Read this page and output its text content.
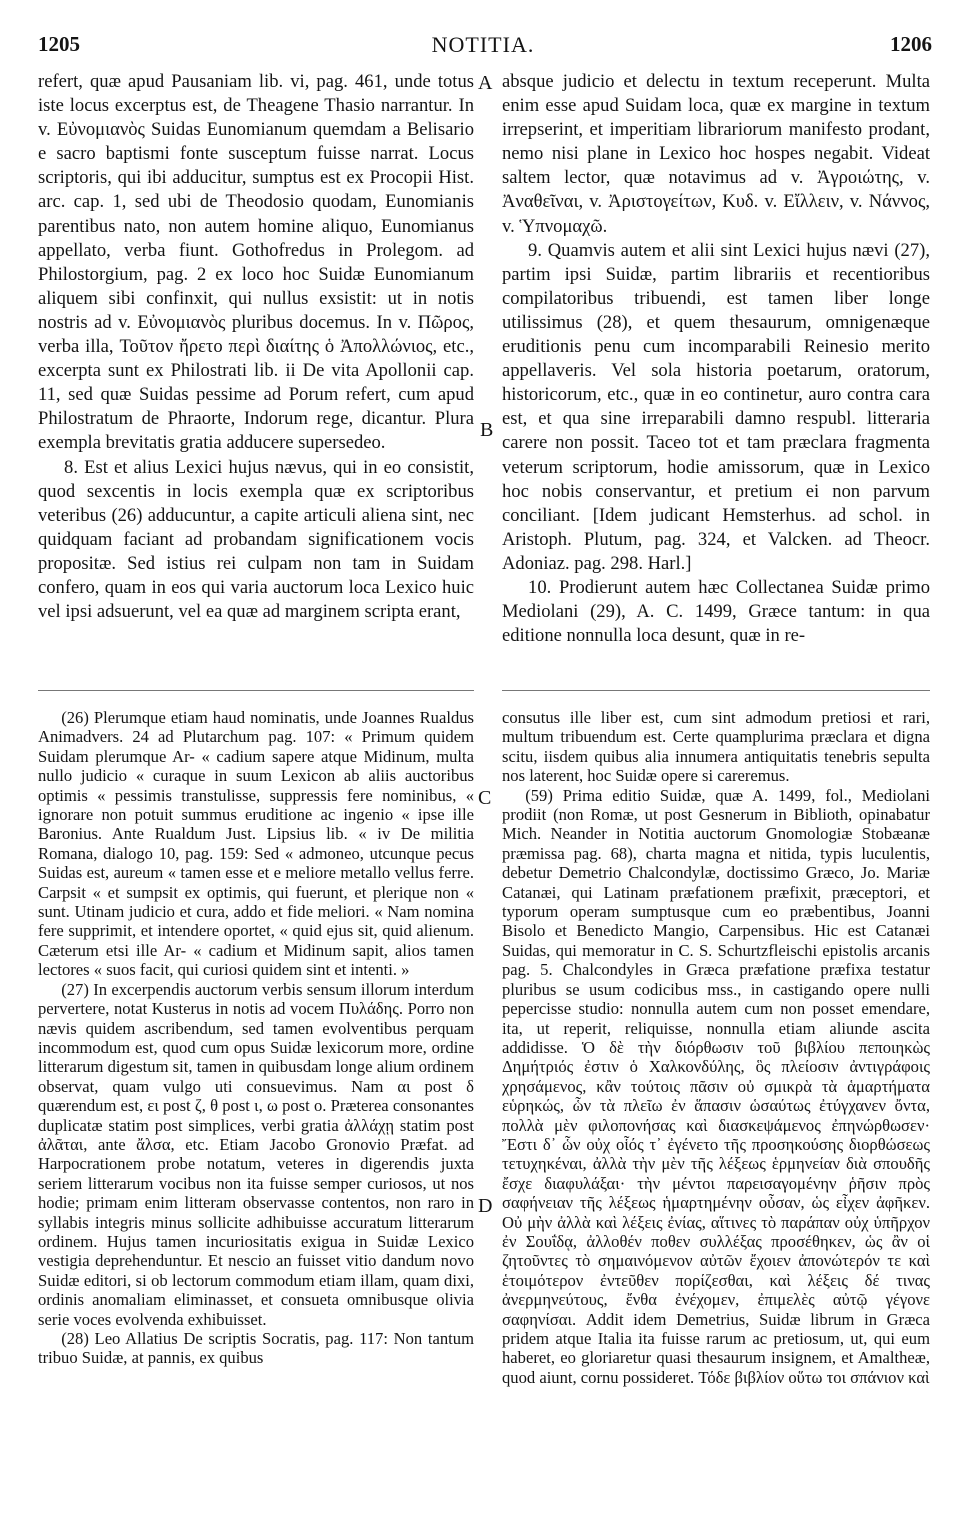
1205	NOTITIA.	1206
A
B
C
D

refert, quæ apud Pausaniam lib. vi, pag. 461, unde totus iste locus excerptus est, de Theagene Thasio narrantur. In v. Εὐνομιανὸς Suidas Eunomianum quemdam a Belisario e sacro baptismi fonte susceptum fuisse narrat. Locus scriptoris, qui ibi adducitur, sumptus est ex Procopii Hist. arc. cap. 1, sed ubi de Theodosio quodam, Eunomianis parentibus nato, non autem homine aliquo, Eunomianus appellato, verba fiunt. Gothofredus in Prolegom. ad Philostorgium, pag. 2 ex loco hoc Suidæ Eunomianum aliquem sibi confinxit, qui nullus exsistit: ut in notis nostris ad v. Εὐνομιανὸς pluribus docemus. In v. Πῶρος, verba illa, Τοῦτον ἤρετο περὶ διαίτης ὁ Ἀπολλώνιος, etc., excerpta sunt ex Philostrati lib. ii De vita Apollonii cap. 11, sed quæ Suidas pessime ad Porum refert, cum apud Philostratum de Phraorte, Indorum rege, dicantur. Plura exempla brevitatis gratia adducere supersedeo.

8. Est et alius Lexici hujus nævus, qui in eo consistit, quod sexcentis in locis exempla quæ ex scriptoribus veteribus (26) adducuntur, a capite articuli aliena sint, nec quidquam faciant ad probandam significationem vocis propositæ. Sed istius rei culpam non tam in Suidam confero, quam in eos qui varia auctorum loca Lexico huic vel ipsi adsuerunt, vel ea quæ ad marginem scripta erant,

absque judicio et delectu in textum receperunt. Multa enim esse apud Suidam loca, quæ ex margine in textum irrepserint, et imperitiam librariorum manifesto prodant, nemo nisi plane in Lexico hoc hospes negabit. Videat saltem lector, quæ notavimus ad v. Ἀγροιώτης, v. Ἀναθεῖναι, v. Ἀριστογείτων, Κυδ. v. Εἴλλειν, v. Νάννος, v. Ὑπνομαχῶ.

9. Quamvis autem et alii sint Lexici hujus nævi (27), partim ipsi Suidæ, partim librariis et recentioribus compilatoribus tribuendi, est tamen liber longe utilissimus (28), et quem thesaurum, omnigenæque eruditionis penu cum incomparabili Reinesio merito appellaveris. Vel sola historia poetarum, oratorum, historicorum, etc., quæ in eo continetur, auro contra cara est, et qua sine irreparabili damno respubl. litteraria carere non possit. Taceo tot et tam præclara fragmenta veterum scriptorum, hodie amissorum, quæ in Lexico hoc nobis conservantur, et pretium ei non parvum conciliant. [Idem judicant Hemsterhus. ad schol. in Aristoph. Plutum, pag. 324, et Valcken. ad Theocr. Adoniaz. pag. 298. Harl.]

10. Prodierunt autem hæc Collectanea Suidæ primo Mediolani (29), A. C. 1499, Græce tantum: in qua editione nonnulla loca desunt, quæ in re-

(26) Plerumque etiam haud nominatis, unde Joannes Rualdus Animadvers. 24 ad Plutarchum pag. 107: « Primum quidem Suidam plerumque Ar- « cadium sapere atque Midinum, multa nullo judicio « curaque in suum Lexicon ab aliis auctoribus optimis « pessimis transtulisse, suppressis fere nominibus, « ignorare non potuit summus eruditione ac ingenio « ipse ille Baronius. Ante Rualdum Just. Lipsius lib. « iv De militia Romana, dialogo 10, pag. 159: Sed « admoneo, utcunque pecus Suidas est, aureum « tamen esse et e meliore metallo vellus ferre. Carpsit « et sumpsit ex optimis, qui fuerunt, et plerique non « sunt. Utinam judicio et cura, addo et fide meliori. « Nam nomina fere supprimit, et intendere oportet, « quid ejus sit, quid alienum. Cæterum etsi ille Ar- « cadium et Midinum sapit, alios tamen lectores « suos facit, qui curiosi quidem sint et intenti. »

(27) In excerpendis auctorum verbis sensum illorum interdum pervertere, notat Kusterus in notis ad vocem Πυλάδης. Porro non nævis quidem ascribendum, sed tamen evolventibus perquam incommodum est, quod cum opus Suidæ lexicorum more, ordine litterarum digestum sit, tamen in quibusdam longe alium ordinem observat, quam vulgo uti consuevimus. Nam αι post δ quærendum est, ει post ζ, θ post ι, ω post ο. Præterea consonantes duplicatæ statim post simplices, verbi gratia ἀλλάχῃ statim post ἀλᾶται, ante ἄλσα, etc. Etiam Jacobo Gronovio Præfat. ad Harpocrationem probe notatum, veteres in digerendis juxta seriem litterarum vocibus non ita fuisse semper curiosos, ut nos hodie; primam enim litteram observasse contentos, non raro in syllabis integris minus sollicite adhibuisse accuratum litterarum ordinem. Hujus tamen incuriositatis exigua in Suidæ Lexico vestigia deprehenduntur. Et nescio an fuisset vitio dandum novo Suidæ editori, si ob lectorum commodum etiam illam, quam dixi, ordinis anomaliam eliminasset, et consueta omnibusque olivia serie voces evolvenda exhibuisset.

(28) Leo Allatius De scriptis Socratis, pag. 117: Non tantum tribuo Suidæ, at pannis, ex quibus

consutus ille liber est, cum sint admodum pretiosi et rari, multum tribuendum est. Certe quamplurima præclara et digna scitu, iisdem quibus alia innumera antiquitatis tenebris sepulta nos laterent, hoc Suidæ opere si careremus.

(59) Prima editio Suidæ, quæ A. 1499, fol., Mediolani prodiit (non Romæ, ut post Gesnerum in Biblioth, opinabatur Mich. Neander in Notitia auctorum Gnomologiæ Stobæanæ præmissa pag. 68), charta magna et nitida, typis luculentis, debetur Demetrio Chalcondylæ, doctissimo Græco, Jo. Mariæ Catanæi, qui Latinam præfationem præfixit, præceptori, et typorum operam sumptusque cum eo præbentibus, Joanni Bisolo et Benedicto Mangio, Carpensibus. Hic est Catanæi Suidas, qui memoratur in C. S. Schurtzfleischi epistolis arcanis pag. 5. Chalcondyles in Græca præfatione præfixa testatur pluribus se usum codicibus mss., in castigando opere nulli pepercisse studio: nonnulla autem cum non posset emendare, ita, ut reperit, reliquisse, nonnulla etiam aliunde ascita addidisse. Ὁ δὲ τὴν διόρθωσιν τοῦ βιβλίου πεποιηκὼς Δημήτριός ἐστιν ὁ Χαλκονδύλης, ὃς πλείοσιν ἀντιγράφοις χρησάμενος, κἂν τούτοις πᾶσιν οὐ σμικρὰ τὰ ἁμαρτήματα εὑρηκώς, ὧν τὰ πλεῖω ἐν ἅπασιν ὡσαύτως ἐτύγχανεν ὄντα, πολλὰ μὲν φιλοπονήσας καὶ διασκεψάμενος ἐπηνώρθωσεν· Ἔστι δ᾽ ὧν οὐχ οἷός τ᾽ ἐγένετο τῆς προσηκούσης διορθώσεως τετυχηκέναι, ἀλλὰ τὴν μὲν τῆς λέξεως ἑρμηνείαν διὰ σπουδῆς ἔσχε διαφυλάξαι· τὴν μέντοι παρεισαγομένην ῥῆσιν πρὸς σαφήνειαν τῆς λέξεως ἡμαρτημένην οὖσαν, ὡς εἶχεν ἀφῆκεν. Οὐ μὴν ἀλλὰ καὶ λέξεις ἐνίας, αἵτινες τὸ παράπαν οὐχ ὑπῆρχον ἐν Σουΐδᾳ, ἀλλοθέν ποθεν συλλέξας προσέθηκεν, ὡς ἂν οἱ ζητοῦντες τὸ σημαινόμενον αὐτῶν ἔχοιεν ἀπονώτερόν τε καὶ ἑτοιμότερον ἐντεῦθεν πορίζεσθαι, καὶ λέξεις δέ τινας ἀνερμηνεύτους, ἔνθα ἐνέχομεν, ἐπιμελὲς αὐτῷ γέγονε σαφηνίσαι. Addit idem Demetrius, Suidæ librum in Græca pridem atque Italia ita fuisse rarum ac pretiosum, ut, qui eum haberet, eo gloriaretur quasi thesaurum insignem, et Amaltheæ, quod aiunt, cornu possideret. Τόδε βιβλίον οὕτω τοι σπάνιον καὶ
